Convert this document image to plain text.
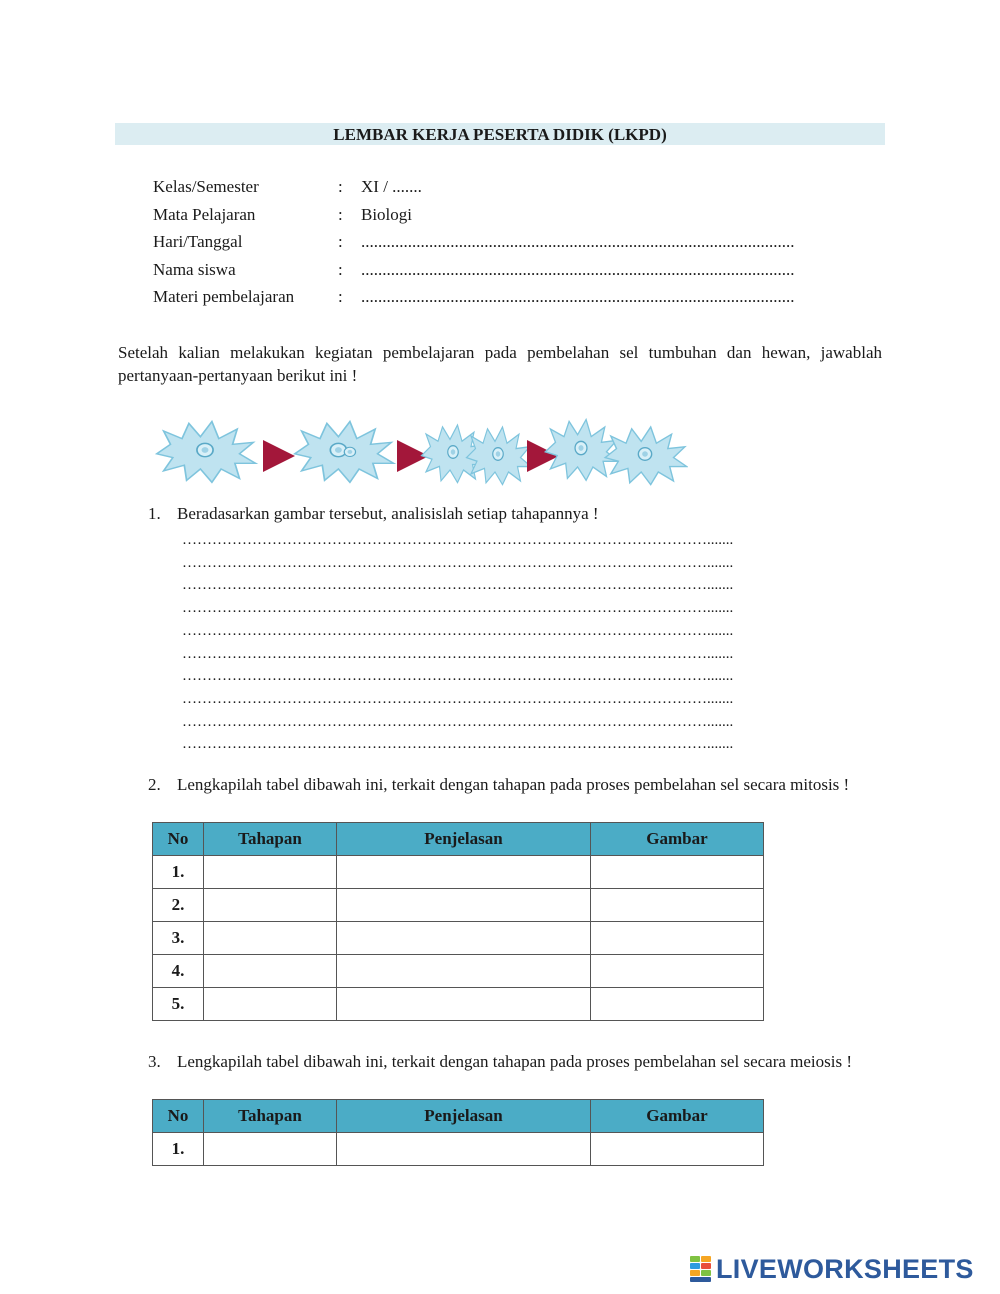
LEMBAR KERJA PESERTA DIDIK (LKPD)
Kelas/Semester	: XI / .......
Mata Pelajaran	: Biologi
Hari/Tanggal	: ......................................................................................................
Nama siswa	: ......................................................................................................
Materi pembelajaran	: ......................................................................................................
Setelah kalian melakukan kegiatan pembelajaran pada pembelahan sel tumbuhan dan hewan, jawablah pertanyaan-pertanyaan berikut ini !
1. Beradasarkan gambar tersebut, analisislah setiap tahapannya !
…………………………………………………………………………………………….......
…………………………………………………………………………………………….......
…………………………………………………………………………………………….......
…………………………………………………………………………………………….......
…………………………………………………………………………………………….......
…………………………………………………………………………………………….......
…………………………………………………………………………………………….......
…………………………………………………………………………………………….......
…………………………………………………………………………………………….......
…………………………………………………………………………………………….......
2. Lengkapilah tabel dibawah ini, terkait dengan tahapan pada proses pembelahan sel secara mitosis !
No	Tahapan	Penjelasan	Gambar
1.			
2.			
3.			
4.			
5.			
3. Lengkapilah tabel dibawah ini, terkait dengan tahapan pada proses pembelahan sel secara meiosis !
No	Tahapan	Penjelasan	Gambar
1.			
LIVEWORKSHEETS
